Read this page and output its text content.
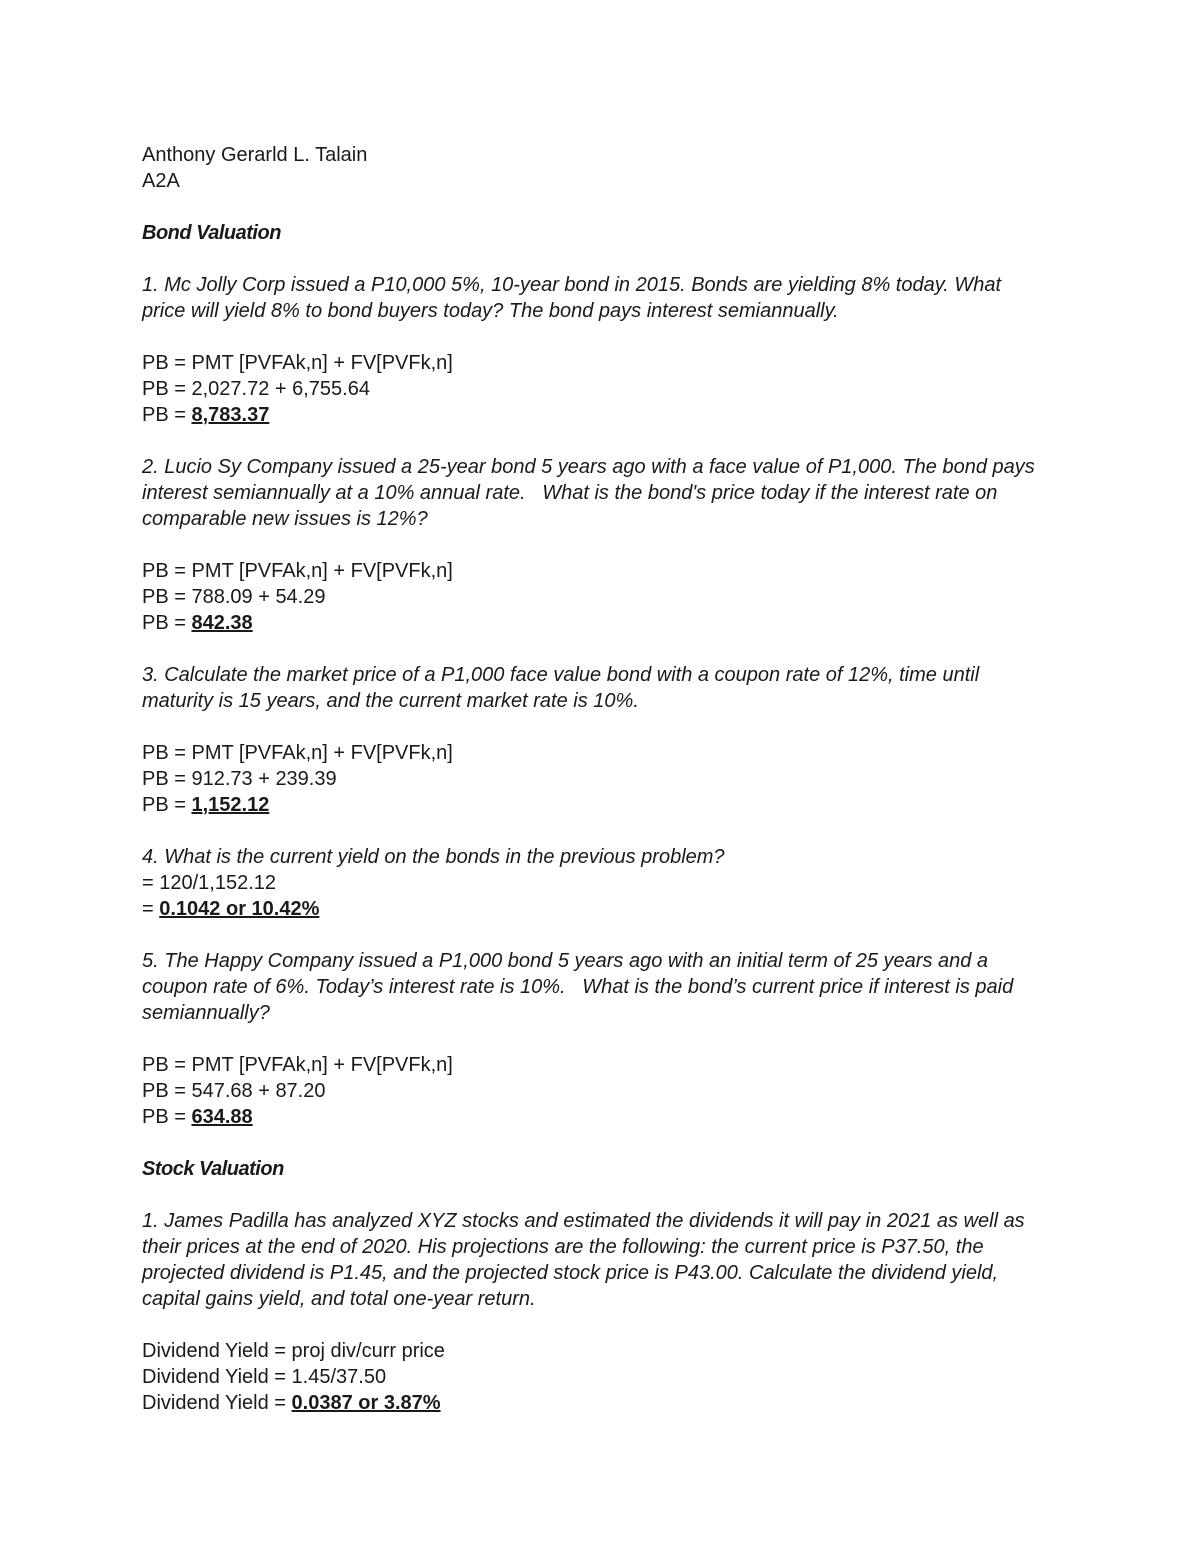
Anthony Gerarld L. Talain
A2A
Bond Valuation
1. Mc Jolly Corp issued a P10,000 5%, 10-year bond in 2015. Bonds are yielding 8% today. What
price will yield 8% to bond buyers today? The bond pays interest semiannually.
PB = PMT [PVFAk,n] + FV[PVFk,n]
PB = 2,027.72 + 6,755.64
PB = 8,783.37
2. Lucio Sy Company issued a 25-year bond 5 years ago with a face value of P1,000. The bond pays
interest semiannually at a 10% annual rate.   What is the bond's price today if the interest rate on
comparable new issues is 12%?
PB = PMT [PVFAk,n] + FV[PVFk,n]
PB = 788.09 + 54.29
PB = 842.38
3. Calculate the market price of a P1,000 face value bond with a coupon rate of 12%, time until
maturity is 15 years, and the current market rate is 10%.
PB = PMT [PVFAk,n] + FV[PVFk,n]
PB = 912.73 + 239.39
PB = 1,152.12
4. What is the current yield on the bonds in the previous problem?
= 120/1,152.12
= 0.1042 or 10.42%
5. The Happy Company issued a P1,000 bond 5 years ago with an initial term of 25 years and a
coupon rate of 6%. Today’s interest rate is 10%.   What is the bond’s current price if interest is paid
semiannually?
PB = PMT [PVFAk,n] + FV[PVFk,n]
PB = 547.68 + 87.20
PB = 634.88
Stock Valuation
1. James Padilla has analyzed XYZ stocks and estimated the dividends it will pay in 2021 as well as
their prices at the end of 2020. His projections are the following: the current price is P37.50, the
projected dividend is P1.45, and the projected stock price is P43.00. Calculate the dividend yield,
capital gains yield, and total one-year return.
Dividend Yield = proj div/curr price
Dividend Yield = 1.45/37.50
Dividend Yield = 0.0387 or 3.87%
